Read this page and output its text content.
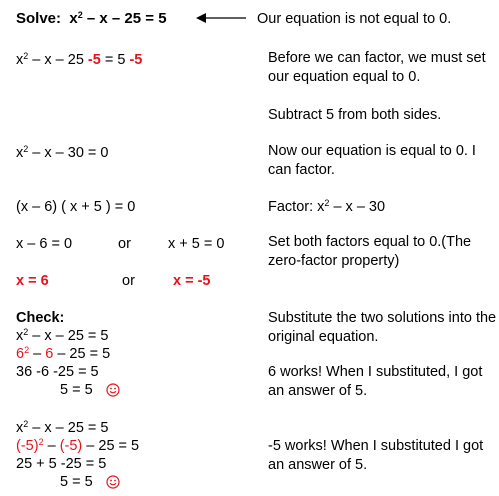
Solve: $x^2 - x - 25 = 5$	Our equation is not equal to 0.
$x^2$ – x – 25 -5 = 5 -5	Before we can factor, we must set our equation equal to 0.
Subtract 5 from both sides.
$x^2 - x - 30 = 0$	Now our equation is equal to 0. I can factor.
(x – 6) ( x + 5 ) = 0	Factor: $x^2$ – x – 30
x – 6 = 0	or	x + 5 = 0	Set both factors equal to 0.(The zero-factor property)
x = 6	or	x = -5
Check:	Substitute the two solutions into the original equation.
$x^2 - x - 25 = 5$
$6^2 - 6 - 25 = 5$
36 -6 -25 = 5
5 = 5
6 works! When I substituted, I got an answer of 5.
$x^2 - x - 25 = 5$
$(-5)^2 - (-5) - 25 = 5$
25 + 5 -25 = 5
5 = 5
-5 works! When I substituted I got an answer of 5.
